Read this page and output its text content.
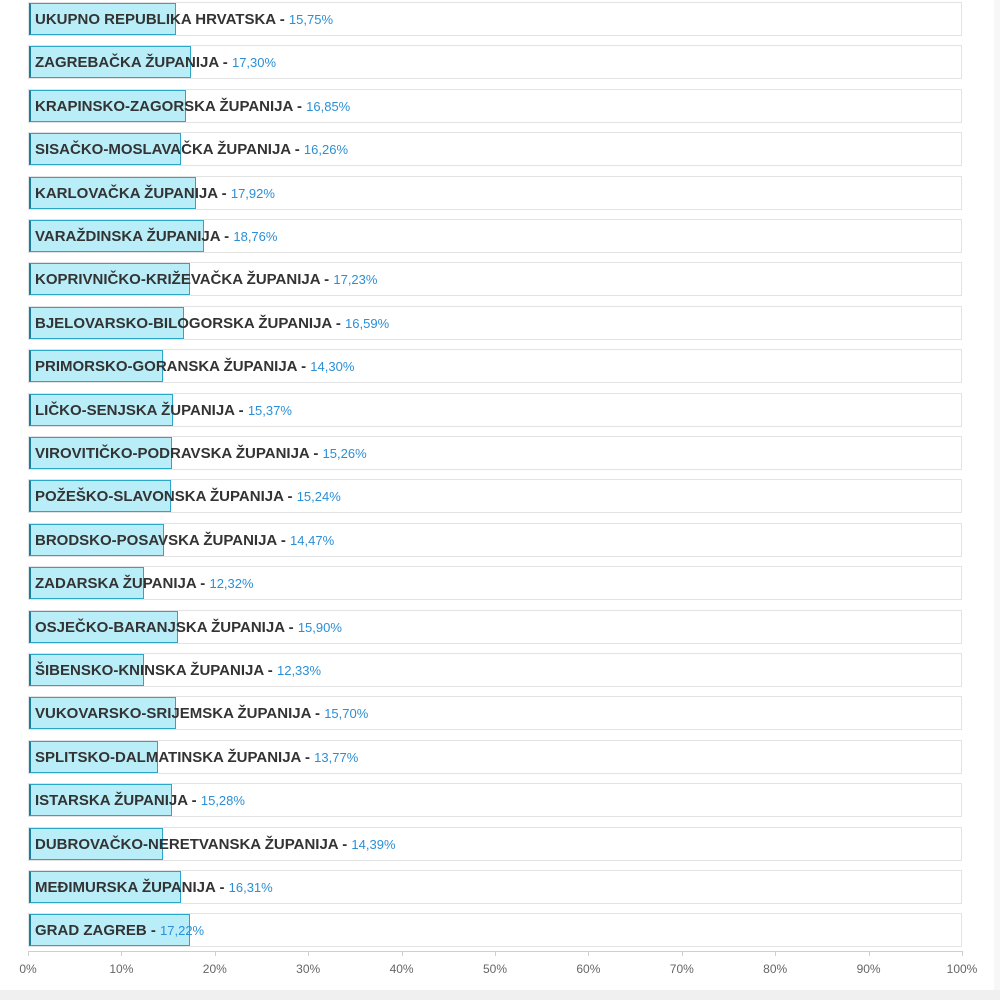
UKUPNO REPUBLIKA HRVATSKA - 15,75%
ZAGREBAČKA ŽUPANIJA - 17,30%
KRAPINSKO-ZAGORSKA ŽUPANIJA - 16,85%
SISAČKO-MOSLAVAČKA ŽUPANIJA - 16,26%
KARLOVAČKA ŽUPANIJA - 17,92%
VARAŽDINSKA ŽUPANIJA - 18,76%
KOPRIVNIČKO-KRIŽEVAČKA ŽUPANIJA - 17,23%
BJELOVARSKO-BILOGORSKA ŽUPANIJA - 16,59%
PRIMORSKO-GORANSKA ŽUPANIJA - 14,30%
LIČKO-SENJSKA ŽUPANIJA - 15,37%
VIROVITIČKO-PODRAVSKA ŽUPANIJA - 15,26%
POŽEŠKO-SLAVONSKA ŽUPANIJA - 15,24%
BRODSKO-POSAVSKA ŽUPANIJA - 14,47%
ZADARSKA ŽUPANIJA - 12,32%
OSJEČKO-BARANJSKA ŽUPANIJA - 15,90%
ŠIBENSKO-KNINSKA ŽUPANIJA - 12,33%
VUKOVARSKO-SRIJEMSKA ŽUPANIJA - 15,70%
SPLITSKO-DALMATINSKA ŽUPANIJA - 13,77%
ISTARSKA ŽUPANIJA - 15,28%
DUBROVAČKO-NERETVANSKA ŽUPANIJA - 14,39%
MEĐIMURSKA ŽUPANIJA - 16,31%
GRAD ZAGREB - 17,22%
0%	10%	20%	30%	40%	50%	60%	70%	80%	90%	100%
